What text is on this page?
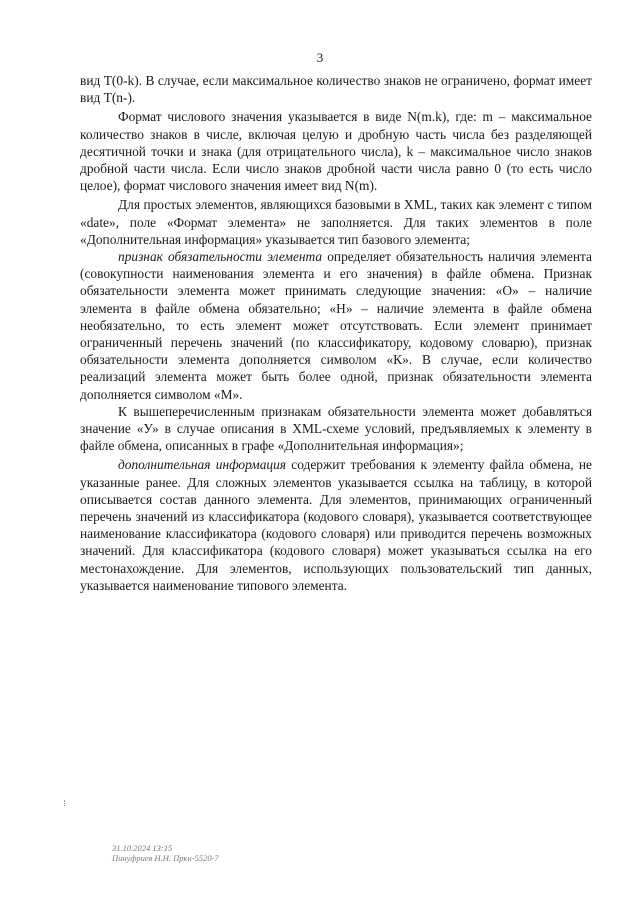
3

вид T(0-k). В случае, если максимальное количество знаков не ограничено, формат имеет вид T(n-).

Формат числового значения указывается в виде N(m.k), где: m – максимальное количество знаков в числе, включая целую и дробную часть числа без разделяющей десятичной точки и знака (для отрицательного числа), k – максимальное число знаков дробной части числа. Если число знаков дробной части числа равно 0 (то есть число целое), формат числового значения имеет вид N(m).

Для простых элементов, являющихся базовыми в XML, таких как элемент с типом «date», поле «Формат элемента» не заполняется. Для таких элементов в поле «Дополнительная информация» указывается тип базового элемента;

признак обязательности элемента определяет обязательность наличия элемента (совокупности наименования элемента и его значения) в файле обмена. Признак обязательности элемента может принимать следующие значения: «О» – наличие элемента в файле обмена обязательно; «Н» – наличие элемента в файле обмена необязательно, то есть элемент может отсутствовать. Если элемент принимает ограниченный перечень значений (по классификатору, кодовому словарю), признак обязательности элемента дополняется символом «К». В случае, если количество реализаций элемента может быть более одной, признак обязательности элемента дополняется символом «М».

К вышеперечисленным признакам обязательности элемента может добавляться значение «У» в случае описания в XML-схеме условий, предъявляемых к элементу в файле обмена, описанных в графе «Дополнительная информация»;

дополнительная информация содержит требования к элементу файла обмена, не указанные ранее. Для сложных элементов указывается ссылка на таблицу, в которой описывается состав данного элемента. Для элементов, принимающих ограниченный перечень значений из классификатора (кодового словаря), указывается соответствующее наименование классификатора (кодового словаря) или приводится перечень возможных значений. Для классификатора (кодового словаря) может указываться ссылка на его местонахождение. Для элементов, использующих пользовательский тип данных, указывается наименование типового элемента.

31.10.2024 13:15
Пинуфриев Н.Н. Пркн-5520-7
